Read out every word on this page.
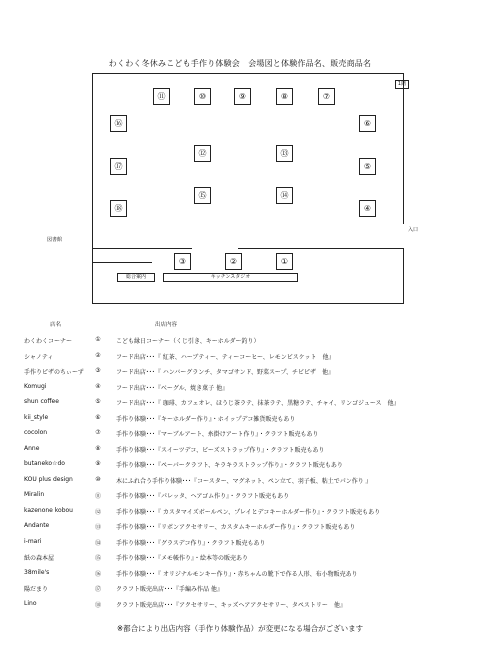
わくわく冬休みこども手作り体験会　会場図と体験作品名、販売商品名
1階
⑪	⑩	⑨	⑧	⑦
⑯	⑥
⑫	⑬
⑰	⑤
⑮	⑭
⑱	④
③	②	①
図書館
入口
総合案内	キッチンスタジオ
店名	出店内容
わくわくコーナー	①	こども縁日コーナー（くじ引き、キーホルダー釣り）
シャノティ	②	フード出店･･･『 紅茶、ハーブティー、ティーコーヒー、レモンビスケット　他』
手作りピザのちぃーず	③	フード出店･･･『 ハンバーグランチ、タマゴサンド、野菜スープ、チビピザ　他』
Komugi	④	フード出店･･･『ベーグル、焼き菓子 他』
shun coffee	⑤	フード出店･･･『 珈琲、カフェオレ、ほうじ茶ラテ、抹茶ラテ、黒糖ラテ、チャイ、リンゴジュース　他』
kii_style	⑥	手作り体験･･･『キーホルダー作り』・ホイップデコ雑貨販売もあり
cocolon	⑦	手作り体験･･･『マーブルアート、糸掛けアート作り』・クラフト販売もあり
Anne	⑧	手作り体験･･･『スイーツデコ、ビーズストラップ作り』・クラフト販売もあり
butaneko☆do	⑨	手作り体験･･･『ペーパークラフト、キラキラストラップ作り』・クラフト販売もあり
KOU plus design	⑩	木にふれ合う手作り体験･･･『コースター、マグネット、ペン立て、羽子板、粘土でパン作り 』
Miralin	⑪	手作り体験･･･『パレッタ、ヘアゴム作り』・クラフト販売もあり
kazenone kobou	⑫	手作り体験･･･『 カスタマイズボールペン、プレイとデコキーホルダー作り』・クラフト販売もあり
Andante	⑬	手作り体験･･･『リボンアクセサリー、カスタムキーホルダー作り』・クラフト販売もあり
i-mari	⑭	手作り体験･･･『グラスデコ作り』・クラフト販売もあり
紙の森本屋	⑮	手作り体験･･･『メモ帳作り』・絵本等の販売あり
38mile's	⑯	手作り体験･･･『 オリジナルモンキー作り』・赤ちゃんの靴下で作る人形、布小物販売あり
陽だまり	⑰	クラフト販売出店･･･『手編み作品 他』
Lino	⑱	クラフト販売出店･･･『アクセサリー、キッズヘアアクセサリー、タペストリー　他』
※都合により出店内容（手作り体験作品）が変更になる場合がございます
